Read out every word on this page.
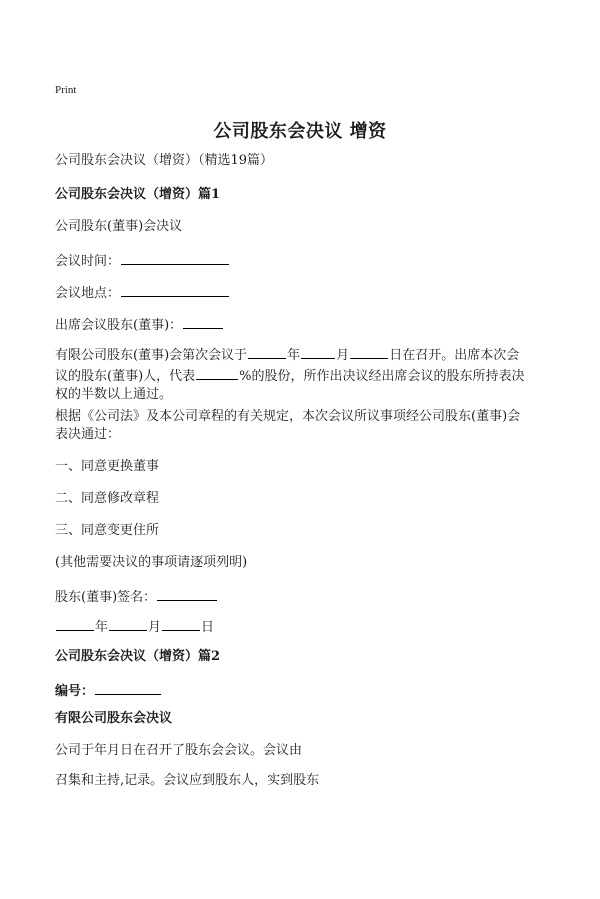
Print
公司股东会决议 增资
公司股东会决议（增资）（精选19篇）
公司股东会决议（增资）篇1
公司股东(董事)会决议
会议时间：
会议地点：
出席会议股东(董事)：
有限公司股东(董事)会第次会议于	年	月	日在召开。出席本次会
议的股东(董事)人，代表	%的股份，所作出决议经出席会议的股东所持表决
权的半数以上通过。
根据《公司法》及本公司章程的有关规定，本次会议所议事项经公司股东(董事)会
表决通过：
一、同意更换董事
二、同意修改章程
三、同意变更住所
(其他需要决议的事项请逐项列明)
股东(董事)签名：
年	月	日
公司股东会决议（增资）篇2
编号：
有限公司股东会决议
公司于年月日在召开了股东会会议。会议由
召集和主持,记录。会议应到股东人，实到股东
